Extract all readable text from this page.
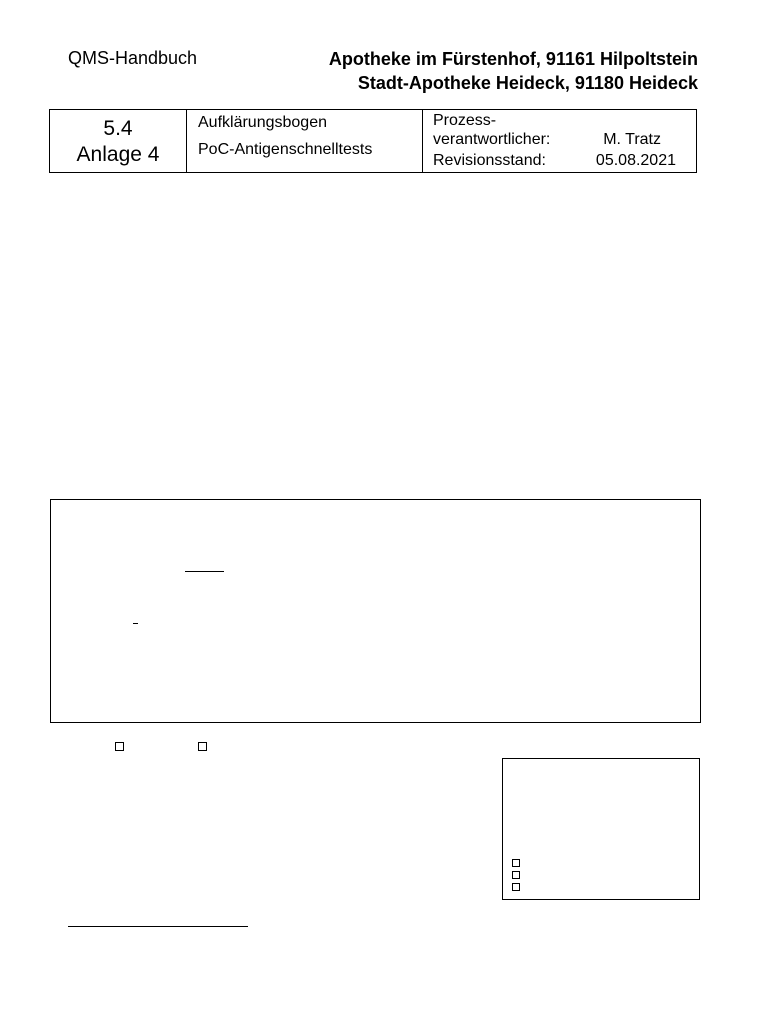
QMS-Handbuch	Apotheke im Fürstenhof, 91161 Hilpoltstein
Stadt-Apotheke Heideck, 91180 Heideck
5.4
Anlage 4

Aufklärungsbogen
PoC-Antigenschnelltests

Prozess-
verantwortlicher:	M. Tratz
Revisionsstand:	05.08.2021
